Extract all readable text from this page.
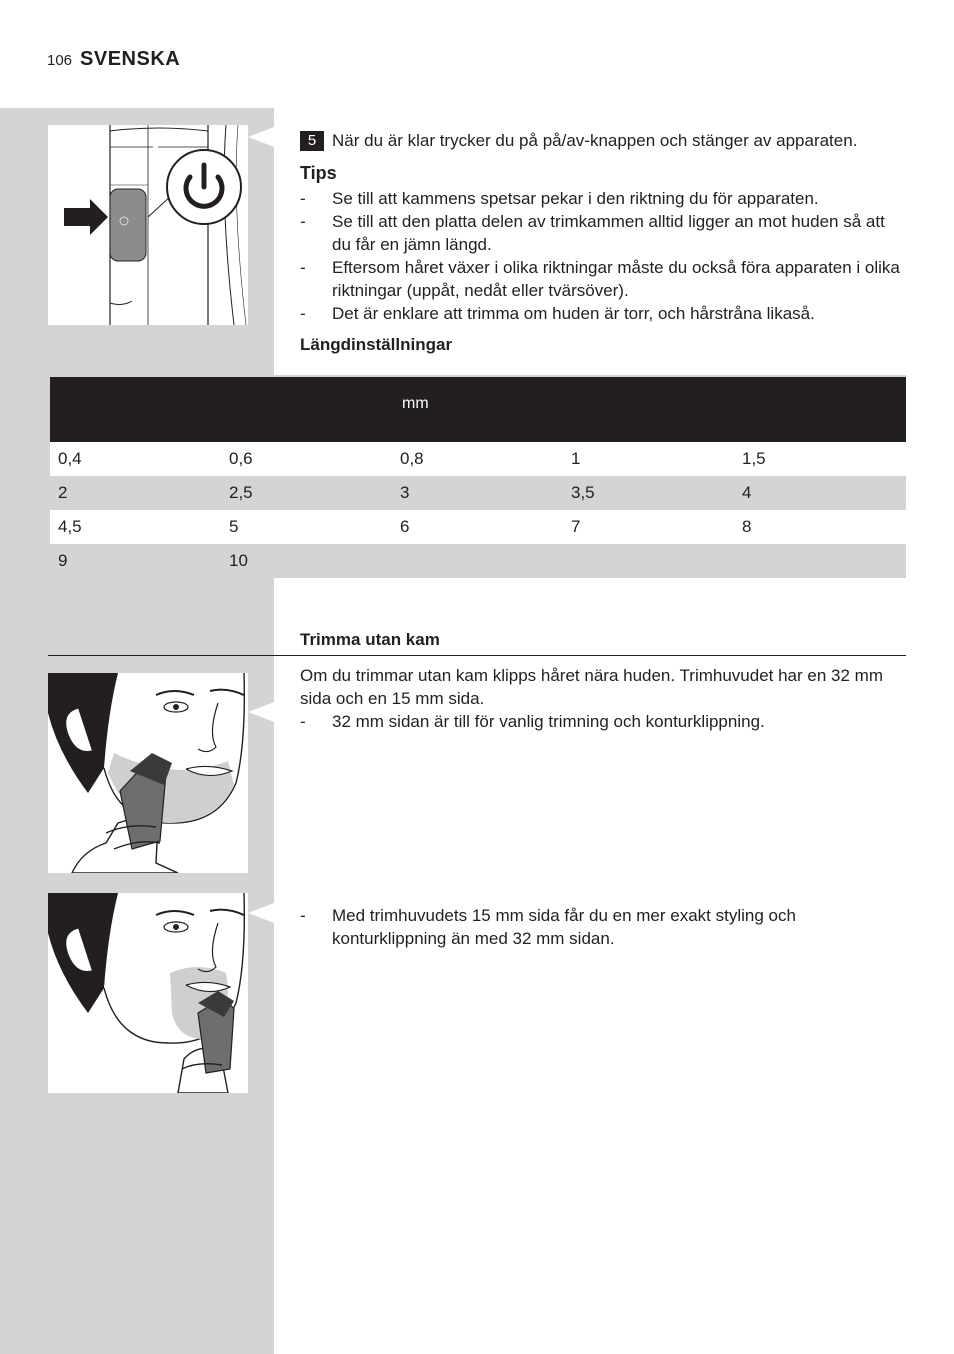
106 SVENSKA
5 När du är klar trycker du på på/av-knappen och stänger av apparaten.
Tips
- Se till att kammens spetsar pekar i den riktning du för apparaten.
- Se till att den platta delen av trimkammen alltid ligger an mot huden så att du får en jämn längd.
- Eftersom håret växer i olika riktningar måste du också föra apparaten i olika riktningar (uppåt, nedåt eller tvärsöver).
- Det är enklare att trimma om huden är torr, och hårstråna likaså.
Längdinställningar
mm
0,4	0,6	0,8	1	1,5
2	2,5	3	3,5	4
4,5	5	6	7	8
9	10
Trimma utan kam
Om du trimmar utan kam klipps håret nära huden. Trimhuvudet har en 32 mm sida och en 15 mm sida.
- 32 mm sidan är till för vanlig trimning och konturklippning.
- Med trimhuvudets 15 mm sida får du en mer exakt styling och konturklippning än med 32 mm sidan.
